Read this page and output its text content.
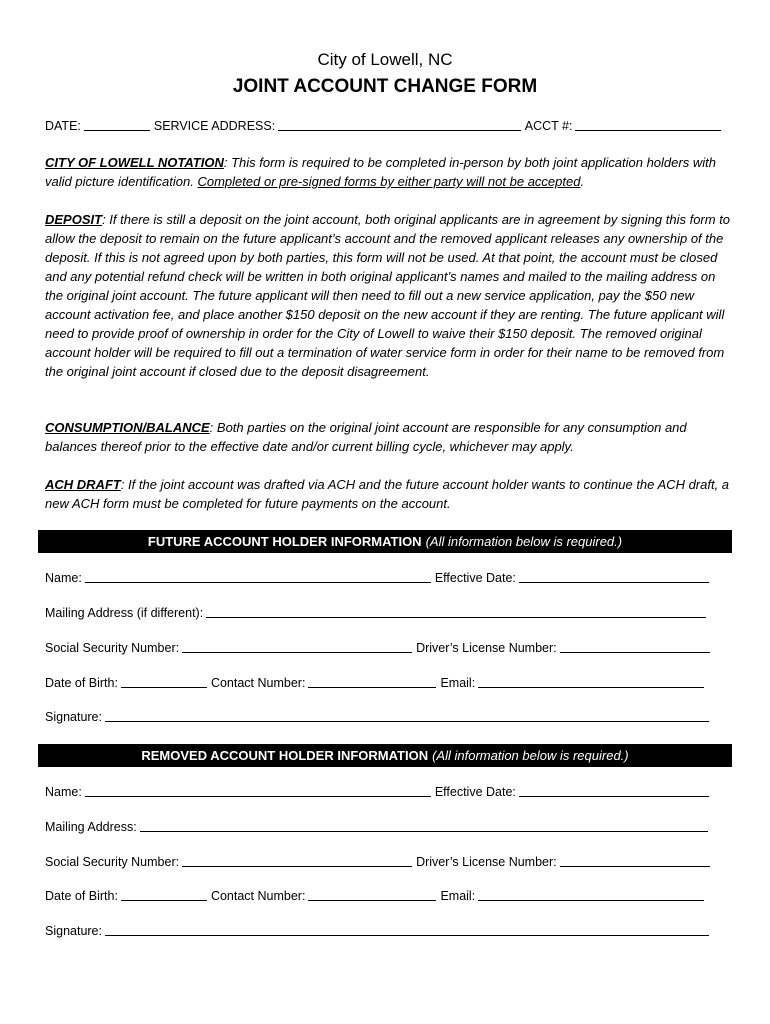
City of Lowell, NC
JOINT ACCOUNT CHANGE FORM
DATE:	SERVICE ADDRESS:	ACCT #:

CITY OF LOWELL NOTATION: This form is required to be completed in-person by both joint application holders with valid picture identification. Completed or pre-signed forms by either party will not be accepted.

DEPOSIT: If there is still a deposit on the joint account, both original applicants are in agreement by signing this form to allow the deposit to remain on the future applicant’s account and the removed applicant releases any ownership of the deposit. If this is not agreed upon by both parties, this form will not be used. At that point, the account must be closed and any potential refund check will be written in both original applicant’s names and mailed to the mailing address on the original joint account. The future applicant will then need to fill out a new service application, pay the $50 new account activation fee, and place another $150 deposit on the new account if they are renting. The future applicant will need to provide proof of ownership in order for the City of Lowell to waive their $150 deposit. The removed original account holder will be required to fill out a termination of water service form in order for their name to be removed from the original joint account if closed due to the deposit disagreement.

CONSUMPTION/BALANCE: Both parties on the original joint account are responsible for any consumption and balances thereof prior to the effective date and/or current billing cycle, whichever may apply.

ACH DRAFT: If the joint account was drafted via ACH and the future account holder wants to continue the ACH draft, a new ACH form must be completed for future payments on the account.

FUTURE ACCOUNT HOLDER INFORMATION (All information below is required.)
Name:	Effective Date:
Mailing Address (if different):
Social Security Number:	Driver’s License Number:
Date of Birth:	Contact Number:	Email:
Signature:
REMOVED ACCOUNT HOLDER INFORMATION (All information below is required.)
Name:	Effective Date:
Mailing Address:
Social Security Number:	Driver’s License Number:
Date of Birth:	Contact Number:	Email:
Signature:
